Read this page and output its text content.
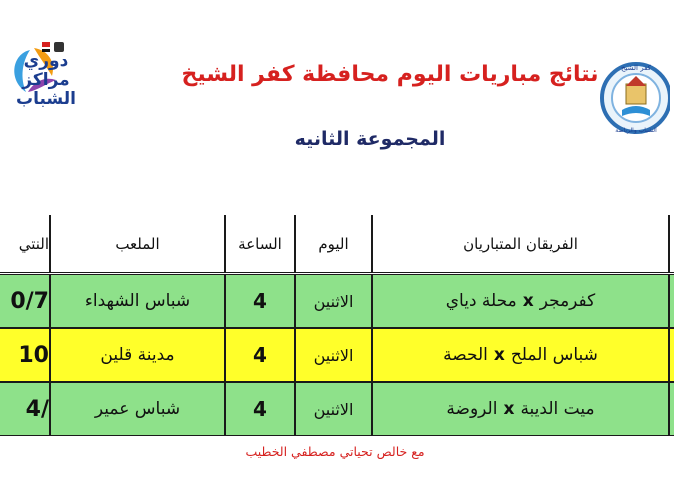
دوري
مراكز
الشباب
كفر الشيخ
الشباب والرياضة
نتائج مباريات اليوم محافظة كفر الشيخ
المجموعة الثانيه
الفريقان المتباريان
اليوم
الساعة
الملعب
النتي
كفرمجر
x
محلة دياي
الاثنين
4
شباس الشهداء
0/7
شباس الملح
x
الحصة
الاثنين
4
مدينة قلين
10
ميت الديبة
x
الروضة
الاثنين
4
شباس عمير
4/
مع خالص تحياتي مصطفي الخطيب
